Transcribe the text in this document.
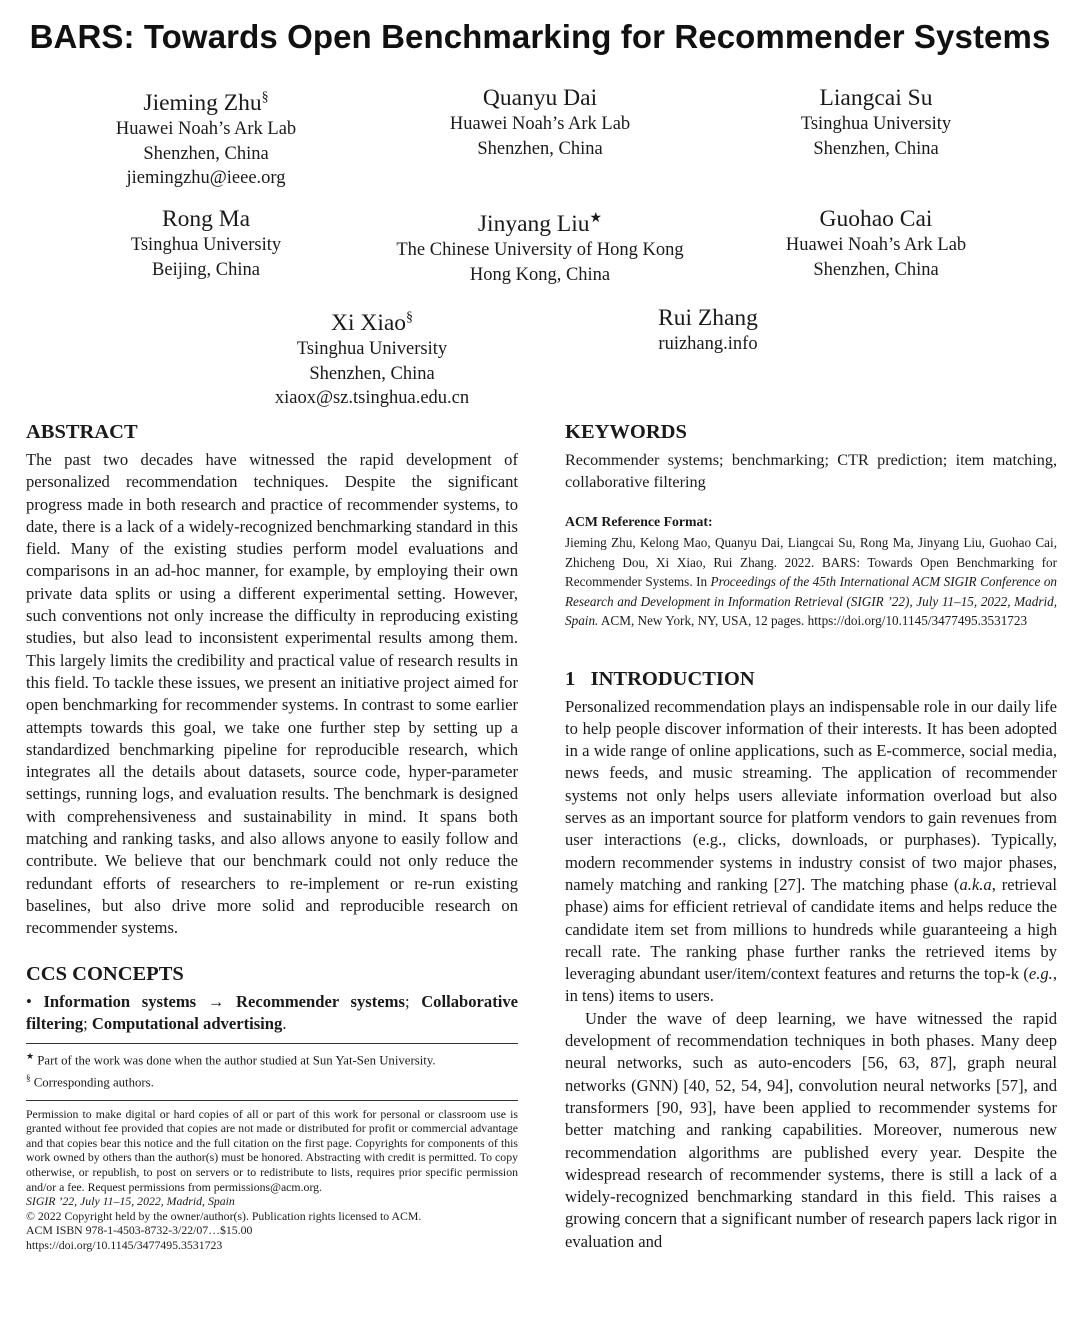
BARS: Towards Open Benchmarking for Recommender Systems
Jieming Zhu§
Huawei Noah’s Ark Lab
Shenzhen, China
jiemingzhu@ieee.org
Quanyu Dai
Huawei Noah’s Ark Lab
Shenzhen, China
Liangcai Su
Tsinghua University
Shenzhen, China
Rong Ma
Tsinghua University
Beijing, China
Jinyang Liu★
The Chinese University of Hong Kong
Hong Kong, China
Guohao Cai
Huawei Noah’s Ark Lab
Shenzhen, China
Xi Xiao§
Tsinghua University
Shenzhen, China
xiaox@sz.tsinghua.edu.cn
Rui Zhang
ruizhang.info
ABSTRACT

The past two decades have witnessed the rapid development of personalized recommendation techniques. Despite the significant progress made in both research and practice of recommender systems, to date, there is a lack of a widely-recognized benchmarking standard in this field. Many of the existing studies perform model evaluations and comparisons in an ad-hoc manner, for example, by employing their own private data splits or using a different experimental setting. However, such conventions not only increase the difficulty in reproducing existing studies, but also lead to inconsistent experimental results among them. This largely limits the credibility and practical value of research results in this field. To tackle these issues, we present an initiative project aimed for open benchmarking for recommender systems. In contrast to some earlier attempts towards this goal, we take one further step by setting up a standardized benchmarking pipeline for reproducible research, which integrates all the details about datasets, source code, hyper-parameter settings, running logs, and evaluation results. The benchmark is designed with comprehensiveness and sustainability in mind. It spans both matching and ranking tasks, and also allows anyone to easily follow and contribute. We believe that our benchmark could not only reduce the redundant efforts of researchers to re-implement or re-run existing baselines, but also drive more solid and reproducible research on recommender systems.

CCS CONCEPTS

• Information systems → Recommender systems; Collaborative filtering; Computational advertising.

★ Part of the work was done when the author studied at Sun Yat-Sen University.
§ Corresponding authors.

Permission to make digital or hard copies of all or part of this work for personal or classroom use is granted without fee provided that copies are not made or distributed for profit or commercial advantage and that copies bear this notice and the full citation on the first page. Copyrights for components of this work owned by others than the author(s) must be honored. Abstracting with credit is permitted. To copy otherwise, or republish, to post on servers or to redistribute to lists, requires prior specific permission and/or a fee. Request permissions from permissions@acm.org.

SIGIR ’22, July 11–15, 2022, Madrid, Spain

© 2022 Copyright held by the owner/author(s). Publication rights licensed to ACM.

ACM ISBN 978-1-4503-8732-3/22/07…$15.00

https://doi.org/10.1145/3477495.3531723

KEYWORDS

Recommender systems; benchmarking; CTR prediction; item matching, collaborative filtering

ACM Reference Format:

Jieming Zhu, Kelong Mao, Quanyu Dai, Liangcai Su, Rong Ma, Jinyang Liu, Guohao Cai, Zhicheng Dou, Xi Xiao, Rui Zhang. 2022. BARS: Towards Open Benchmarking for Recommender Systems. In Proceedings of the 45th International ACM SIGIR Conference on Research and Development in Information Retrieval (SIGIR ’22), July 11–15, 2022, Madrid, Spain. ACM, New York, NY, USA, 12 pages. https://doi.org/10.1145/3477495.3531723

1 INTRODUCTION

Personalized recommendation plays an indispensable role in our daily life to help people discover information of their interests. It has been adopted in a wide range of online applications, such as E-commerce, social media, news feeds, and music streaming. The application of recommender systems not only helps users alleviate information overload but also serves as an important source for platform vendors to gain revenues from user interactions (e.g., clicks, downloads, or purphases). Typically, modern recommender systems in industry consist of two major phases, namely matching and ranking [27]. The matching phase (a.k.a, retrieval phase) aims for efficient retrieval of candidate items and helps reduce the candidate item set from millions to hundreds while guaranteeing a high recall rate. The ranking phase further ranks the retrieved items by leveraging abundant user/item/context features and returns the top-k (e.g., in tens) items to users.

Under the wave of deep learning, we have witnessed the rapid development of recommendation techniques in both phases. Many deep neural networks, such as auto-encoders [56, 63, 87], graph neural networks (GNN) [40, 52, 54, 94], convolution neural networks [57], and transformers [90, 93], have been applied to recommender systems for better matching and ranking capabilities. Moreover, numerous new recommendation algorithms are published every year. Despite the widespread research of recommender systems, there is still a lack of a widely-recognized benchmarking standard in this field. This raises a growing concern that a significant number of research papers lack rigor in evaluation and
